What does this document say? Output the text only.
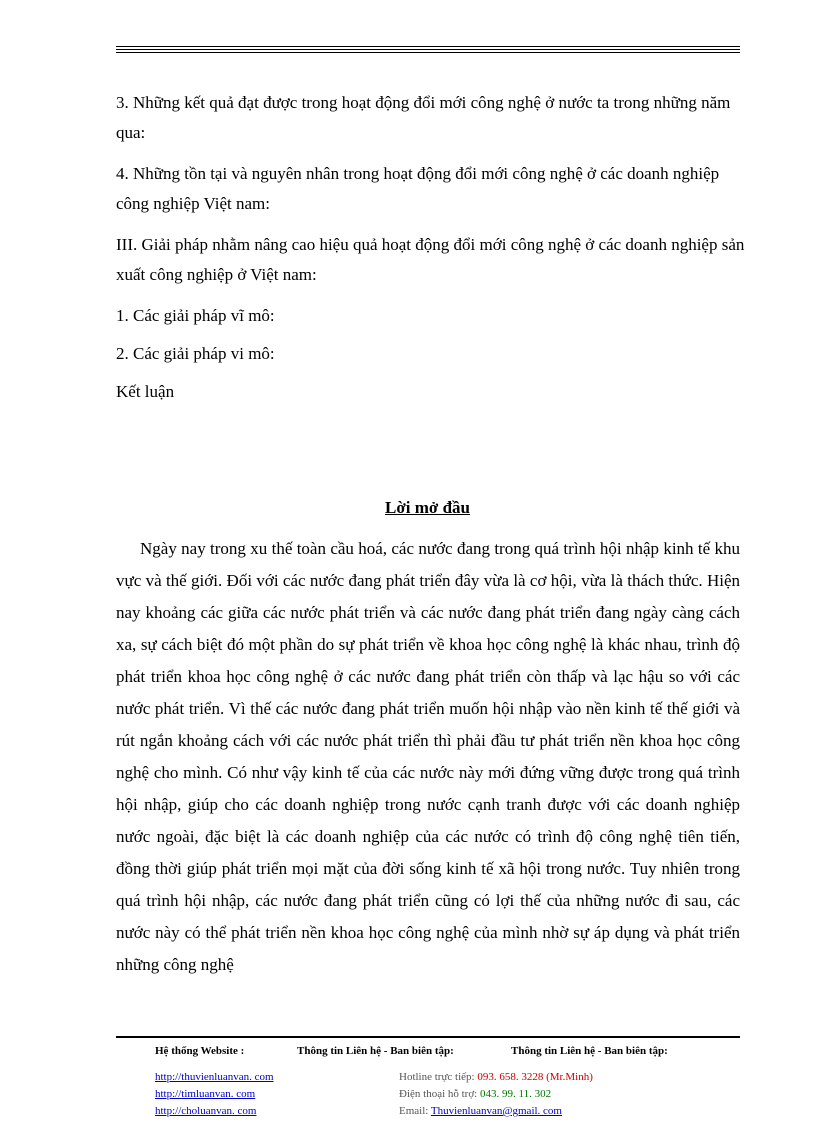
3. Những kết quả đạt được trong hoạt động đổi mới công nghệ ở nước ta trong những năm qua:

4. Những tồn tại và nguyên nhân trong hoạt động đổi mới công nghệ ở các doanh nghiệp công nghiệp Việt nam:

III. Giải pháp nhằm nâng cao hiệu quả hoạt động đổi mới công nghệ ở các doanh nghiệp sản xuất công nghiệp ở Việt nam:

1. Các giải pháp vĩ mô:

2. Các giải pháp vi mô:

Kết luận

Lời mở đầu

Ngày nay trong xu thế toàn cầu hoá, các nước đang trong quá trình hội nhập kinh tế khu vực và thế giới. Đối với các nước đang phát triển đây vừa là cơ hội, vừa là thách thức. Hiện nay khoảng các giữa các nước phát triển và các nước đang phát triển đang ngày càng cách xa, sự cách biệt đó một phần do sự phát triển về khoa học công nghệ là khác nhau, trình độ phát triển khoa học công nghệ ở các nước đang phát triển còn thấp và lạc hậu so với các nước phát triển. Vì thế các nước đang phát triển muốn hội nhập vào nền kinh tế thế giới và rút ngắn khoảng cách với các nước phát triển thì phải đầu tư phát triển nền khoa học công nghệ cho mình. Có như vậy kinh tế của các nước này mới đứng vững được trong quá trình hội nhập, giúp cho các doanh nghiệp trong nước cạnh tranh được với các doanh nghiệp nước ngoài, đặc biệt là các doanh nghiệp của các nước có trình độ công nghệ tiên tiến, đồng thời giúp phát triển mọi mặt của đời sống kinh tế xã hội trong nước. Tuy nhiên trong quá trình hội nhập, các nước đang phát triển cũng có lợi thế của những nước đi sau, các nước này có thể phát triển nền khoa học công nghệ của mình nhờ sự áp dụng và phát triển những công nghệ

Hệ thống Website :
http://thuvienluanvan. com
http://timluanvan. com
http://choluanvan. com
Thông tin Liên hệ - Ban biên tập:	Thông tin Liên hệ - Ban biên tập:
Hotline trực tiếp: 093. 658. 3228 (Mr.Minh)
Điện thoại hỗ trợ: 043. 99. 11. 302
Email: Thuvienluanvan@gmail. com
